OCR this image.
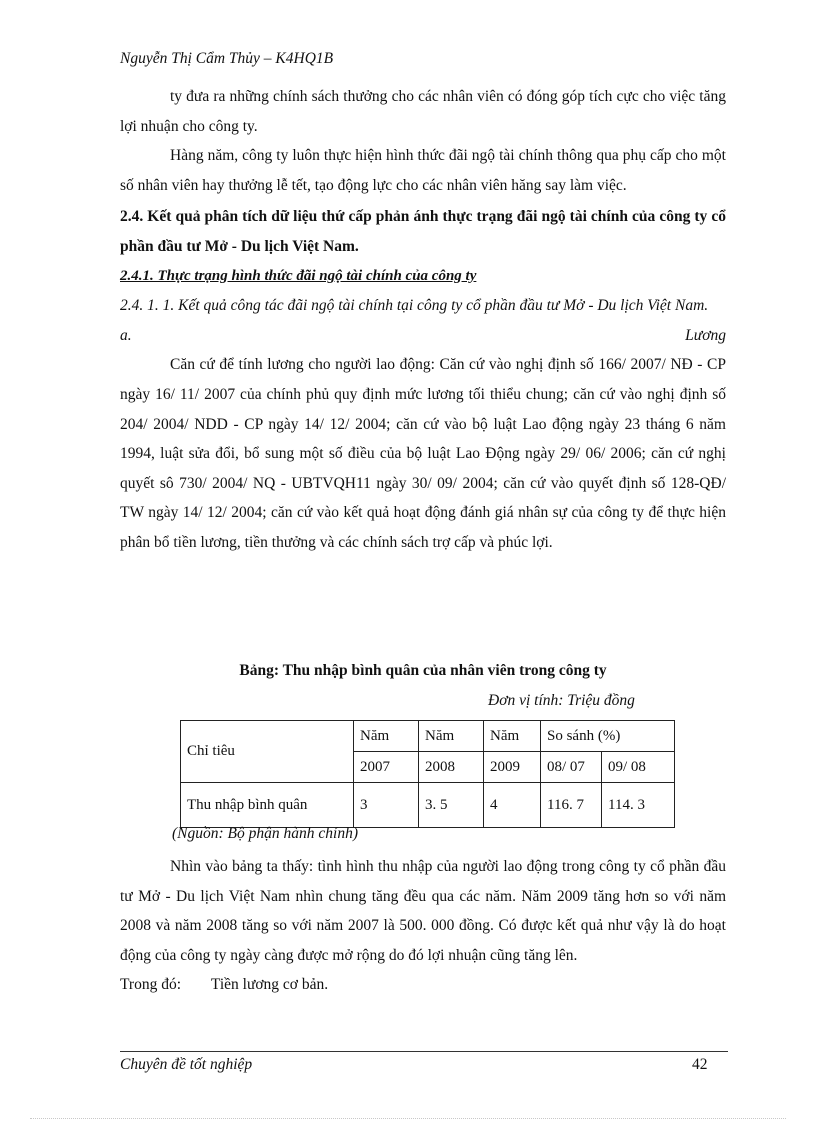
Nguyễn Thị Cẩm Thủy – K4HQ1B

ty đưa ra những chính sách thưởng cho các nhân viên có đóng góp tích cực cho việc tăng lợi nhuận cho công ty.

Hàng năm, công ty luôn thực hiện hình thức đãi ngộ tài chính thông qua phụ cấp cho một số nhân viên hay thưởng lễ tết, tạo động lực cho các nhân viên hăng say làm việc.

2.4. Kết quả phân tích dữ liệu thứ cấp phản ánh thực trạng đãi ngộ tài chính của công ty cổ phần đầu tư Mở - Du lịch Việt Nam.

2.4.1. Thực trạng hình thức đãi ngộ tài chính của công ty

2.4. 1. 1. Kết quả công tác đãi ngộ tài chính tại công ty cổ phần đầu tư Mở - Du lịch Việt Nam.

a.	Lương

Căn cứ để tính lương cho người lao động: Căn cứ vào nghị định số 166/ 2007/ NĐ - CP ngày 16/ 11/ 2007 của chính phủ quy định mức lương tối thiểu chung; căn cứ vào nghị định số 204/ 2004/ NDD - CP ngày 14/ 12/ 2004; căn cứ vào bộ luật Lao động ngày 23 tháng 6 năm 1994, luật sửa đổi, bổ sung một số điều của bộ luật Lao Động ngày 29/ 06/ 2006; căn cứ nghị quyết sô 730/ 2004/ NQ - UBTVQH11 ngày 30/ 09/ 2004; căn cứ vào quyết định số 128-QĐ/ TW ngày 14/ 12/ 2004; căn cứ vào kết quả hoạt động đánh giá nhân sự của công ty để thực hiện phân bổ tiền lương, tiền thưởng và các chính sách trợ cấp và phúc lợi.

Bảng: Thu nhập bình quân của nhân viên trong công ty
Đơn vị tính: Triệu đồng
Chỉ tiêu	Năm	Năm	Năm	So sánh (%)	
	2007	2008	2009	08/ 07	09/ 08
Thu nhập bình quân	3	3. 5	4	116. 7	114. 3
(Nguồn: Bộ phận hành chính)

Nhìn vào bảng ta thấy: tình hình thu nhập của người lao động trong công ty cổ phần đầu tư Mở - Du lịch Việt Nam nhìn chung tăng đều qua các năm. Năm 2009 tăng hơn so với năm 2008 và năm 2008 tăng so với năm 2007 là 500. 000 đồng. Có được kết quả như vậy là do hoạt động của công ty ngày càng được mở rộng do đó lợi nhuận cũng tăng lên.

Trong đó: Tiền lương cơ bản.

Chuyên đề tốt nghiệp	42
